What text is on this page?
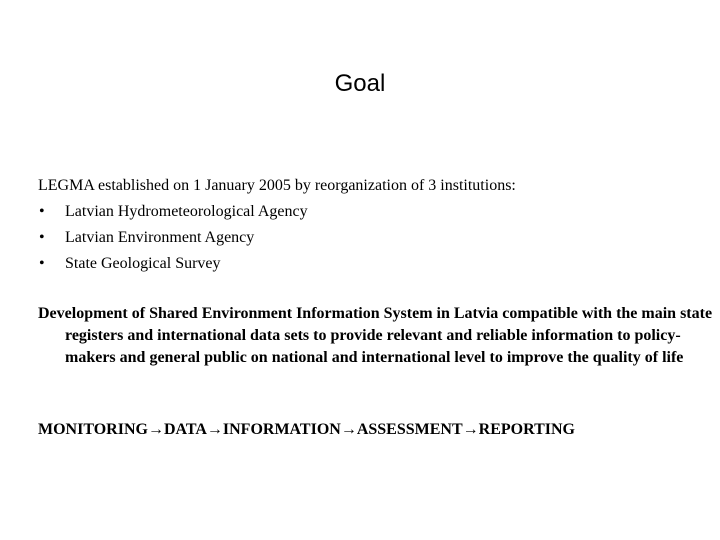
Goal

LEGMA established on 1 January 2005 by reorganization of 3 institutions:

• Latvian Hydrometeorological Agency
• Latvian Environment Agency
• State Geological Survey

Development of Shared Environment Information System in Latvia compatible with the main state registers and international data sets to provide relevant and reliable information to policy-makers and general public on national and international level to improve the quality of life

MONITORING→DATA→INFORMATION→ASSESSMENT→REPORTING
